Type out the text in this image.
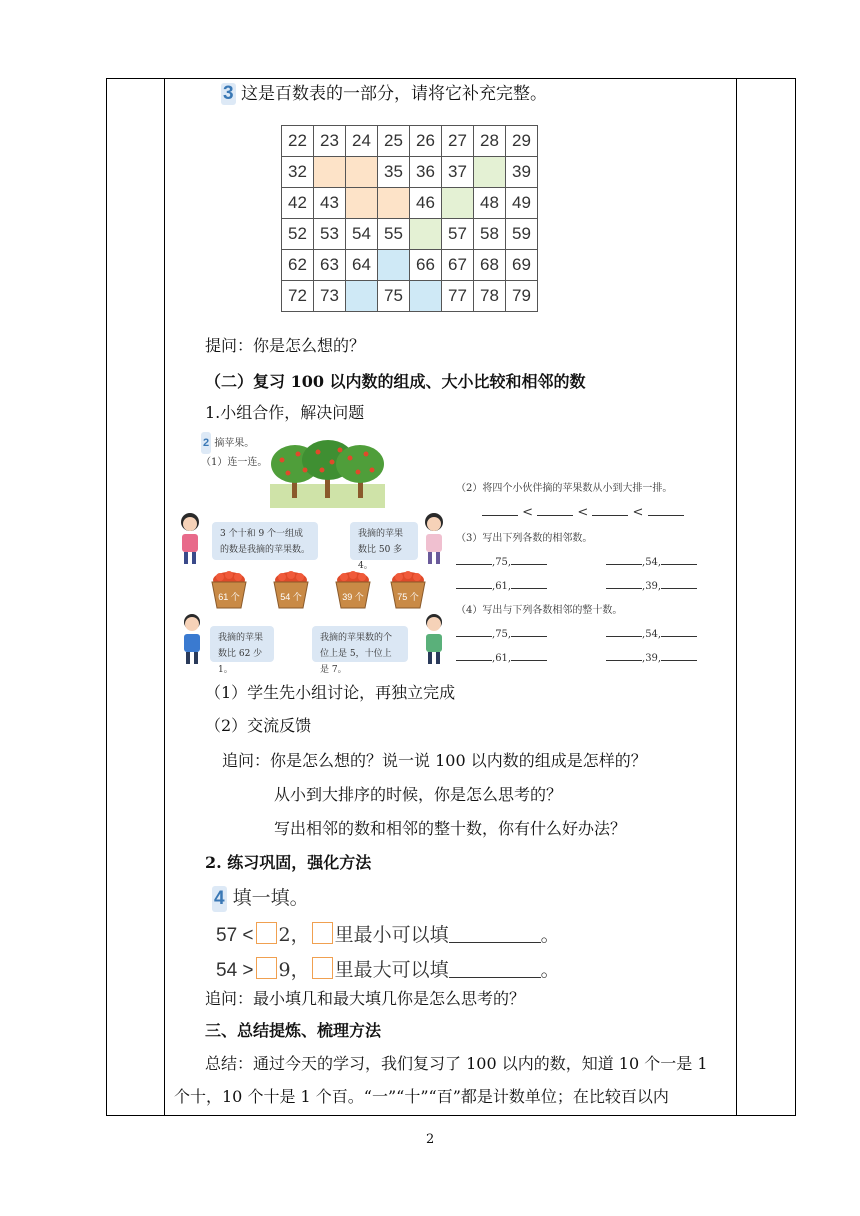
3 这是百数表的一部分，请将它补充完整。
22	23	24	25	26	27	28	29
32			35	36	37		39
42	43			46		48	49
52	53	54	55		57	58	59
62	63	64		66	67	68	69
72	73		75		77	78	79
提问：你是怎么想的？
（二）复习 100 以内数的组成、大小比较和相邻的数
1.小组合作，解决问题
2 摘苹果。
（1）连一连。
3 个十和 9 个一组成的数是我摘的苹果数。
我摘的苹果数比 50 多 4。
61 个	54 个	39 个	75 个
我摘的苹果数比 62 少 1。
我摘的苹果数的个位上是 5，十位上是 7。
（2）将四个小伙伴摘的苹果数从小到大排一排。
<	<	<
（3）写出下列各数的相邻数。
,75,	,54,
,61,	,39,
（4）写出与下列各数相邻的整十数。
,75,	,54,
,61,	,39,
（1）学生先小组讨论，再独立完成
（2）交流反馈
追问：你是怎么想的？说一说 100 以内数的组成是怎样的？
从小到大排序的时候，你是怎么思考的？
写出相邻的数和相邻的整十数，你有什么好办法？
2. 练习巩固，强化方法
4 填一填。
57 < 2， 里最小可以填	。
54 > 9， 里最大可以填	。
追问：最小填几和最大填几你是怎么思考的？
三、总结提炼、梳理方法
总结：通过今天的学习，我们复习了 100 以内的数，知道 10 个一是 1
个十，10 个十是 1 个百。“一”“十”“百”都是计数单位；在比较百以内
2
